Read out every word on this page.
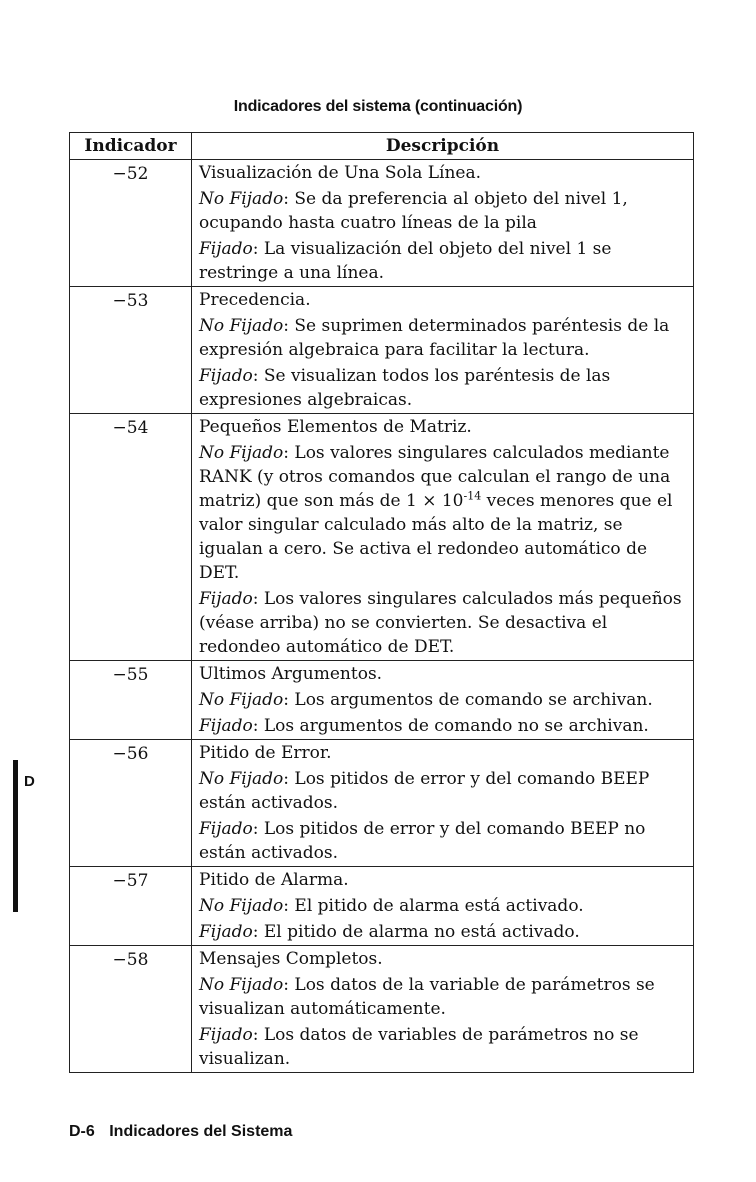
Indicadores del sistema (continuación)
Indicador	Descripción
−52	Visualización de Una Sola Línea.
No Fijado: Se da preferencia al objeto del nivel 1, ocupando hasta cuatro líneas de la pila
Fijado: La visualización del objeto del nivel 1 se restringe a una línea.

−53	Precedencia.
No Fijado: Se suprimen determinados paréntesis de la expresión algebraica para facilitar la lectura.
Fijado: Se visualizan todos los paréntesis de las expresiones algebraicas.

−54	Pequeños Elementos de Matriz.
No Fijado: Los valores singulares calculados mediante RANK (y otros comandos que calculan el rango de una matriz) que son más de $1 \times 10^{-14}$ veces menores que el valor singular calculado más alto de la matriz, se igualan a cero. Se activa el redondeo automático de DET.
Fijado: Los valores singulares calculados más pequeños (véase arriba) no se convierten. Se desactiva el redondeo automático de DET.

−55	Ultimos Argumentos.
No Fijado: Los argumentos de comando se archivan.
Fijado: Los argumentos de comando no se archivan.

−56	Pitido de Error.
No Fijado: Los pitidos de error y del comando BEEP están activados.
Fijado: Los pitidos de error y del comando BEEP no están activados.

−57	Pitido de Alarma.
No Fijado: El pitido de alarma está activado.
Fijado: El pitido de alarma no está activado.

−58	Mensajes Completos.
No Fijado: Los datos de la variable de parámetros se visualizan automáticamente.
Fijado: Los datos de variables de parámetros no se visualizan.
D
D-6 Indicadores del Sistema
